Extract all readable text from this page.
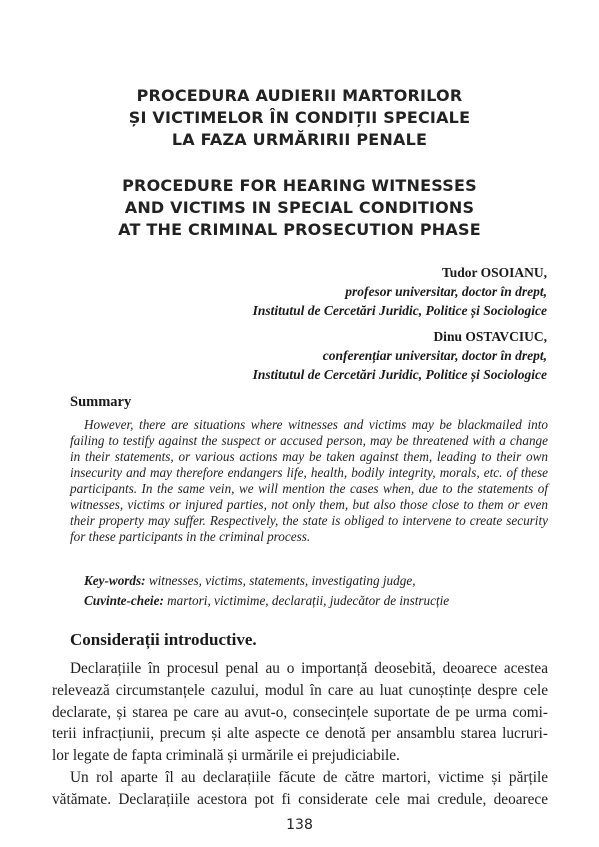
PROCEDURA AUDIERII MARTORILOR
ȘI VICTIMELOR ÎN CONDIȚII SPECIALE
LA FAZA URMĂRIRII PENALE
PROCEDURE FOR HEARING WITNESSES
AND VICTIMS IN SPECIAL CONDITIONS
AT THE CRIMINAL PROSECUTION PHASE
Tudor OSOIANU,
profesor universitar, doctor în drept,
Institutul de Cercetări Juridic, Politice și Sociologice
Dinu OSTAVCIUC,
conferențiar universitar, doctor în drept,
Institutul de Cercetări Juridic, Politice și Sociologice
Summary
However, there are situations where witnesses and victims may be blackmailed into failing to testify against the suspect or accused person, may be threatened with a change in their statements, or various actions may be taken against them, leading to their own insecurity and may therefore endangers life, health, bodily integrity, morals, etc. of these participants. In the same vein, we will mention the cases when, due to the statements of witnesses, victims or injured parties, not only them, but also those close to them or even their property may suffer. Respectively, the state is obliged to intervene to create security for these participants in the criminal process.
Key-words: witnesses, victims, statements, investigating judge,
Cuvinte-cheie: martori, victimime, declarații, judecător de instrucție
Considerații introductive.
Declarațiile în procesul penal au o importanță deosebită, deoarece acestea
relevează circumstanțele cazului, modul în care au luat cunoștințe despre cele
declarate, și starea pe care au avut-o, consecințele suportate de pe urma comi-
terii infracțiunii, precum și alte aspecte ce denotă per ansamblu starea lucruri-
lor legate de fapta criminală și urmările ei prejudiciabile.
Un rol aparte îl au declarațiile făcute de către martori, victime și părțile
vătămate. Declarațiile acestora pot fi considerate cele mai credule, deoarece
138
